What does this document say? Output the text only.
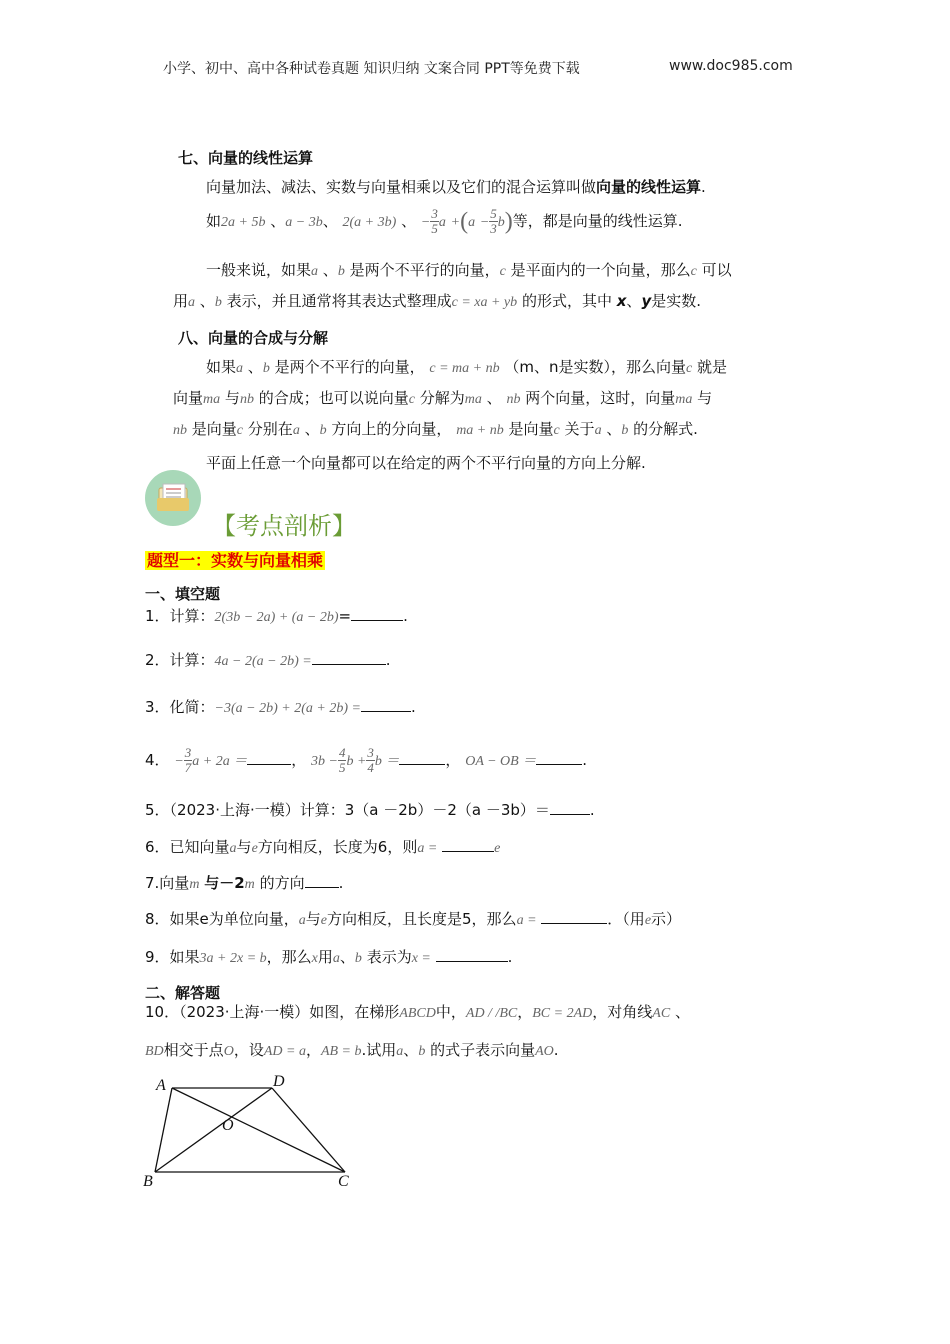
小学、初中、高中各种试卷真题 知识归纳 文案合同 PPT等免费下载	www.doc985.com
七、向量的线性运算
向量加法、减法、实数与向量相乘以及它们的混合运算叫做向量的线性运算.
如2a + 5b 、a − 3b、 2(a + 3b) 、 − $\frac{3}{5}$ $a +(a - \frac{5}{3} b)$等，都是向量的线性运算.
一般来说，如果a 、b 是两个不平行的向量，c 是平面内的一个向量，那么c 可以
用a 、b 表示，并且通常将其表达式整理成c = xa + yb 的形式，其中 x、y是实数.
八、向量的合成与分解
如果a 、b 是两个不平行的向量， c = ma + nb （m、n是实数），那么向量c 就是
向量ma 与nb 的合成；也可以说向量c 分解为ma 、 nb 两个向量，这时，向量ma 与
nb 是向量c 分别在a 、b 方向上的分向量， ma + nb 是向量c 关于a 、b 的分解式.
平面上任意一个向量都可以在给定的两个不平行向量的方向上分解.
【考点剖析】
题型一：实数与向量相乘
一、填空题
1．计算：2(3b − 2a) + (a − 2b)=	.
2．计算：4a − 2(a − 2b) =	.
3．化简：−3(a − 2b) + 2(a + 2b) =	.
4． − $\frac{3}{7}$ a + 2a ＝	， $3b - \frac{4}{5}$ $b + \frac{3}{4}$ b ＝	， OA − OB ＝	.
5．（2023·上海·一模）计算：3（a －2b）－2（a －3b）＝	.
6．已知向量a与e方向相反，长度为6，则a =	e
7.向量m 与－2m 的方向 .
8．如果e为单位向量，a与e方向相反，且长度是5，那么a =	．（用e示）
9．如果3a + 2x = b，那么x用a、b 表示为x =	.
二、解答题
10．（2023·上海·一模）如图，在梯形ABCD中，AD / /BC，BC = 2AD，对角线AC 、
BD相交于点O，设AD = a，AB = b.试用a、b 的式子表示向量AO.
A	D
O
B	C
